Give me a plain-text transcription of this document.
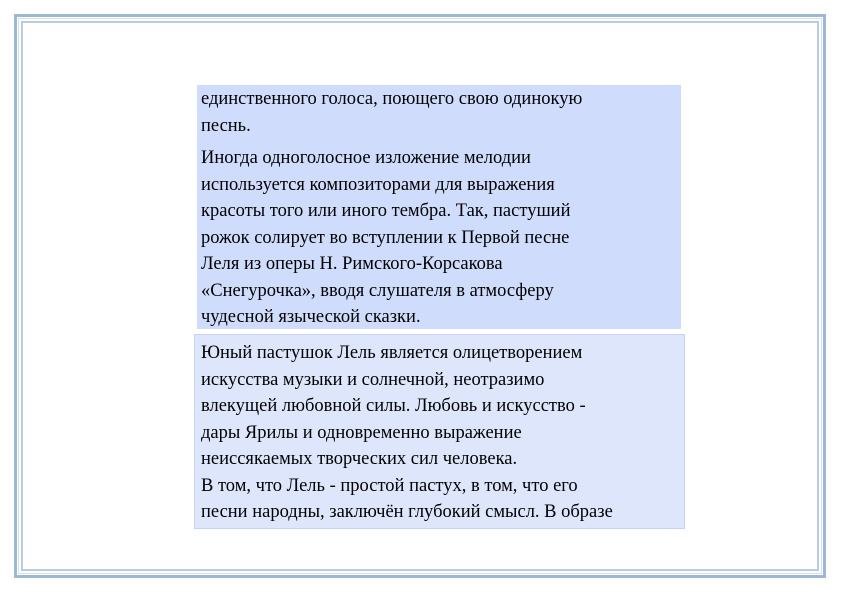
единственного голоса, поющего свою одинокую
песнь.

Иногда одноголосное изложение мелодии
используется композиторами для выражения
красоты того или иного тембра. Так, пастуший
рожок солирует во вступлении к Первой песне
Леля из оперы Н. Римского-Корсакова
«Снегурочка», вводя слушателя в атмосферу
чудесной языческой сказки.

Юный пастушок Лель является олицетворением
искусства музыки и солнечной, неотразимо
влекущей любовной силы. Любовь и искусство -
дары Ярилы и одновременно выражение
неиссякаемых творческих сил человека.
В том, что Лель - простой пастух, в том, что его
песни народны, заключён глубокий смысл. В образе
